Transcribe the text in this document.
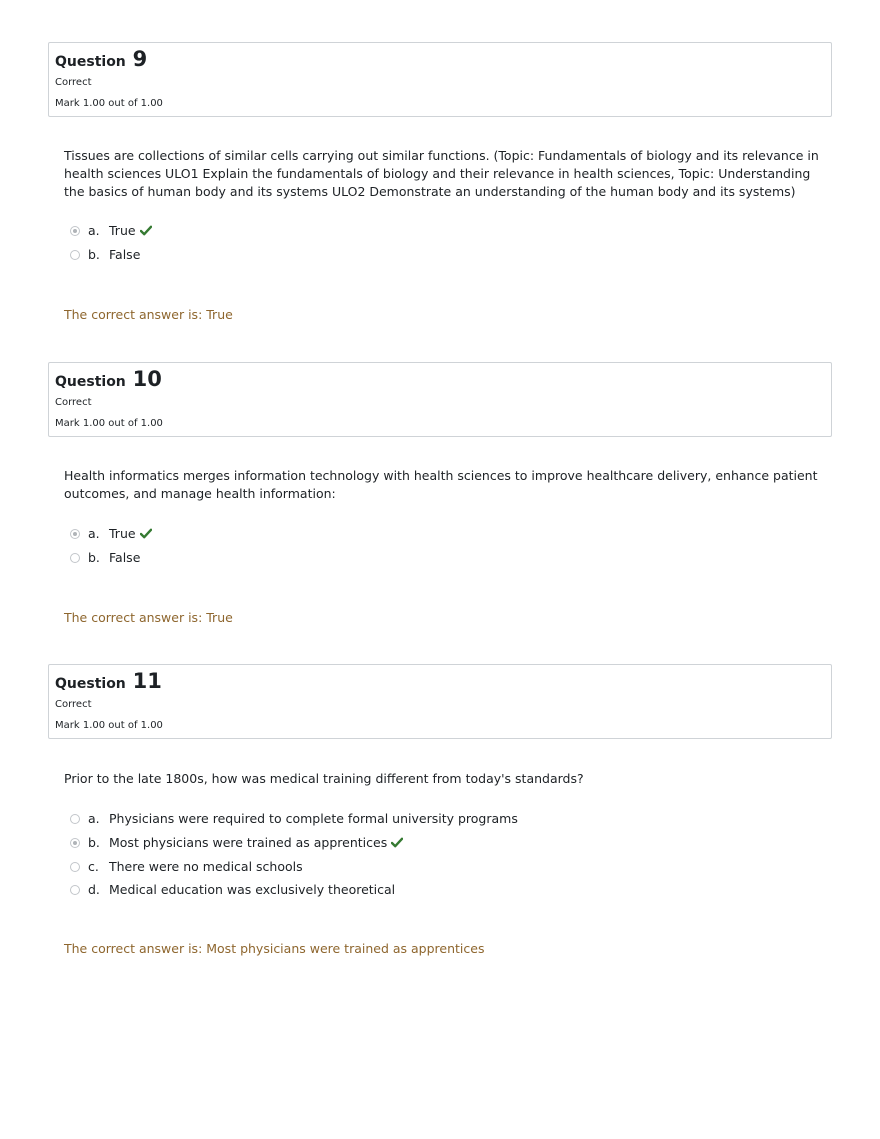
Question 9
Correct
Mark 1.00 out of 1.00
Tissues are collections of similar cells carrying out similar functions. (Topic: Fundamentals of biology and its relevance in health sciences ULO1 Explain the fundamentals of biology and their relevance in health sciences, Topic: Understanding the basics of human body and its systems ULO2 Demonstrate an understanding of the human body and its systems)
a. True
b. False
The correct answer is: True
Question 10
Correct
Mark 1.00 out of 1.00
Health informatics merges information technology with health sciences to improve healthcare delivery, enhance patient outcomes, and manage health information:
a. True
b. False
The correct answer is: True
Question 11
Correct
Mark 1.00 out of 1.00
Prior to the late 1800s, how was medical training different from today's standards?
a. Physicians were required to complete formal university programs
b. Most physicians were trained as apprentices
c. There were no medical schools
d. Medical education was exclusively theoretical
The correct answer is: Most physicians were trained as apprentices
